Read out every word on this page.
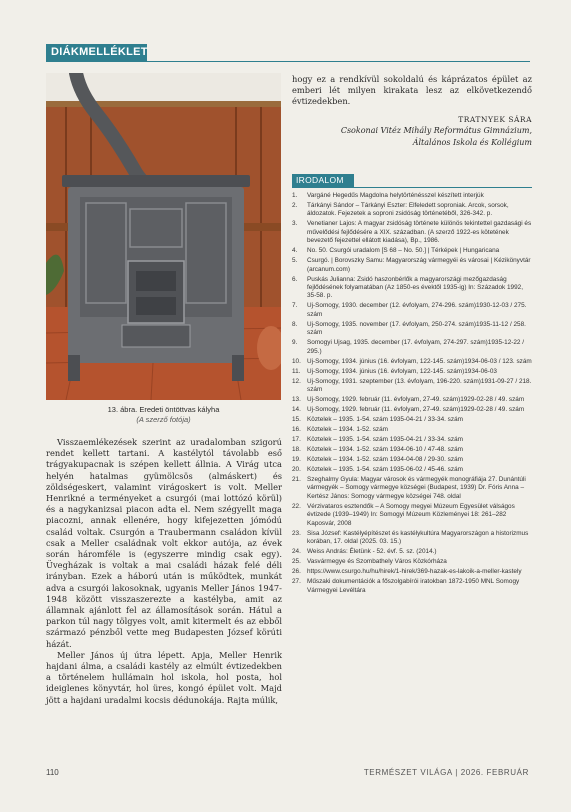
DIÁKMELLÉKLET
13. ábra. Eredeti öntöttvas kályha
(A szerző fotója)

Visszaemlékezések szerint az uradalomban szigorú rendet kellett tartani. A kastélytól távolabb eső trágyakupacnak is szépen kellett állnia. A Virág utca helyén hatalmas gyümölcsös (almáskert) és zöldségeskert, valamint virágoskert is volt. Meller Henrikné a terményeket a csurgói (mai lottózó körül) és a nagykanizsai piacon adta el. Nem szégyellt maga piacozni, annak ellenére, hogy kifejezetten jómódú család voltak. Csurgón a Traubermann családon kívül csak a Meller családnak volt ekkor autója, az évek során háromféle is (egyszerre mindig csak egy). Üvegházak is voltak a mai családi házak felé déli irányban. Ezek a háború után is működtek, munkát adva a csurgói lakosoknak, ugyanis Meller János 1947-1948 között visszaszerezte a kastélyba, amit az államnak ajánlott fel az államosítások során. Hátul a parkon túl nagy tölgyes volt, amit kitermelt és az ebből származó pénzből vette meg Budapesten József körúti házát.

Meller János új útra lépett. Apja, Meller Henrik hajdani álma, a családi kastély az elmúlt évtizedekben a történelem hullámain hol iskola, hol posta, hol ideiglenes könyvtár, hol üres, kongó épület volt. Majd jött a hajdani uradalmi kocsis dédunokája. Rajta múlik,

hogy ez a rendkívül sokoldalú és káprázatos épület az emberi lét milyen kirakata lesz az elkövetkezendő évtizedekben.

TRATNYEK SÁRA
Csokonai Vitéz Mihály Református Gimnázium,
Általános Iskola és Kollégium
IRODALOM
1. Vargáné Hegedűs Magdolna helytörténésszel készített interjúk
2. Tárkányi Sándor – Tárkányi Eszter: Elfeledett soproniak. Arcok, sorsok, áldozatok. Fejezetek a soproni zsidóság történetéből, 326-342. p.
3. Venetianer Lajos: A magyar zsidóság története különös tekintettel gazdasági és művelődési fejlődésére a XIX. században. (A szerző 1922-es kötetének bevezető fejezettel ellátott kiadása), Bp., 1986.
4. No. 50. Csurgói uradalom [S 68 – No. 50.] | Térképek | Hungaricana
5. Csurgó. | Borovszky Samu: Magyarország vármegyéi és városai | Kézikönyvtár (arcanum.com)
6. Puskás Julianna: Zsidó haszonbérlők a magyarországi mezőgazdaság fejlődésének folyamatában (Az 1850-es évektől 1935-ig) In: Századok 1992, 35-58. p.
7. Uj-Somogy, 1930. december (12. évfolyam, 274-296. szám)1930-12-03 / 275. szám
8. Uj-Somogy, 1935. november (17. évfolyam, 250-274. szám)1935-11-12 / 258. szám
9. Somogyi Ujsag, 1935. december (17. évfolyam, 274-297. szám)1935-12-22 / 295.)
10. Uj-Somogy, 1934. június (16. évfolyam, 122-145. szám)1934-06-03 / 123. szám
11. Uj-Somogy, 1934. június (16. évfolyam, 122-145. szám)1934-06-03
12. Uj-Somogy, 1931. szeptember (13. évfolyam, 196-220. szám)1931-09-27 / 218. szám
13. Uj-Somogy, 1929. február (11. évfolyam, 27-49. szám)1929-02-28 / 49. szám
14. Uj-Somogy, 1929. február (11. évfolyam, 27-49. szám)1929-02-28 / 49. szám
15. Köztelek – 1935. 1-54. szám 1935-04-21 / 33-34. szám
16. Köztelek – 1934. 1-52. szám
17. Köztelek – 1935. 1-54. szám 1935-04-21 / 33-34. szám
18. Köztelek – 1934. 1-52. szám 1934-06-10 / 47-48. szám
19. Köztelek – 1934. 1-52. szám 1934-04-08 / 29-30. szám
20. Köztelek – 1935. 1-54. szám 1935-06-02 / 45-46. szám
21. Szeghalmy Gyula: Magyar városok és vármegyék monográfiája 27. Dunántúli vármegyék – Somogy vármegye községei (Budapest, 1939) Dr. Fóris Anna – Kertész János: Somogy vármegye községei 748. oldal
22. Vérzivataros esztendők – A Somogy megyei Múzeum Egyesület válságos évtizede (1939–1949) In: Somogyi Múzeum Közleményei 18: 261–282 Kaposvár, 2008
23. Sisa József: Kastélyépítészet és kastélykultúra Magyarországon a historizmus korában, 17. oldal (2025. 03. 15.)
24. Weiss András: Életünk - 52. évf. 5. sz. (2014.)
25. Vasvármegye és Szombathely Város Közkórháza
26. https://www.csurgo.hu/hu/hirek/1-hirek/369-hazak-es-lakoik-a-meller-kastely
27. Műszaki dokumentációk a főszolgabírói iratokban 1872-1950 MNL Somogy Vármegyei Levéltára
110	TERMÉSZET VILÁGA | 2026. FEBRUÁR
